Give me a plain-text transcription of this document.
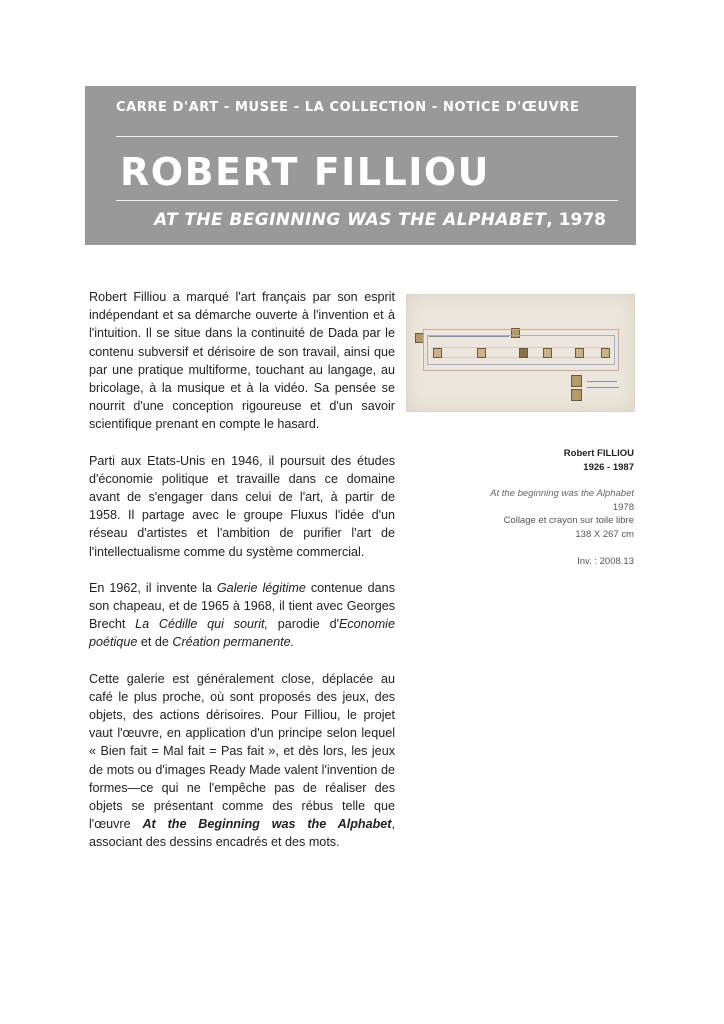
CARRE D'ART - MUSEE - LA COLLECTION - NOTICE D'ŒUVRE
ROBERT FILLIOU
AT THE BEGINNING WAS THE ALPHABET, 1978

Robert Filliou a marqué l'art français par son esprit indépendant et sa démarche ouverte à l'invention et à l'intuition. Il se situe dans la continuité de Dada par le contenu subversif et dérisoire de son travail, ainsi que par une pratique multiforme, touchant au langage, au bricolage, à la musique et à la vidéo. Sa pensée se nourrit d'une conception rigoureuse et d'un savoir scientifique prenant en compte le hasard.

Parti aux Etats-Unis en 1946, il poursuit des études d'économie politique et travaille dans ce domaine avant de s'engager dans celui de l'art, à partir de 1958. Il partage avec le groupe Fluxus l'idée d'un réseau d'artistes et l'ambition de purifier l'art de l'intellectualisme comme du système commercial.

En 1962, il invente la Galerie légitime contenue dans son chapeau, et de 1965 à 1968, il tient avec Georges Brecht La Cédille qui sourit, parodie d'Economie poétique et de Création permanente.

Cette galerie est généralement close, déplacée au café le plus proche, où sont proposés des jeux, des objets, des actions dérisoires. Pour Filliou, le projet vaut l'œuvre, en application d'un principe selon lequel « Bien fait = Mal fait = Pas fait », et dès lors, les jeux de mots ou d'images Ready Made valent l'invention de formes—ce qui ne l'empêche pas de réaliser des objets se présentant comme des rébus telle que l'œuvre At the Beginning was the Alphabet, associant des dessins encadrés et des mots.

Robert FILLIOU
1926 - 1987
At the beginning was the Alphabet
1978
Collage et crayon sur toile libre
138 X 267 cm
Inv. : 2008.13
